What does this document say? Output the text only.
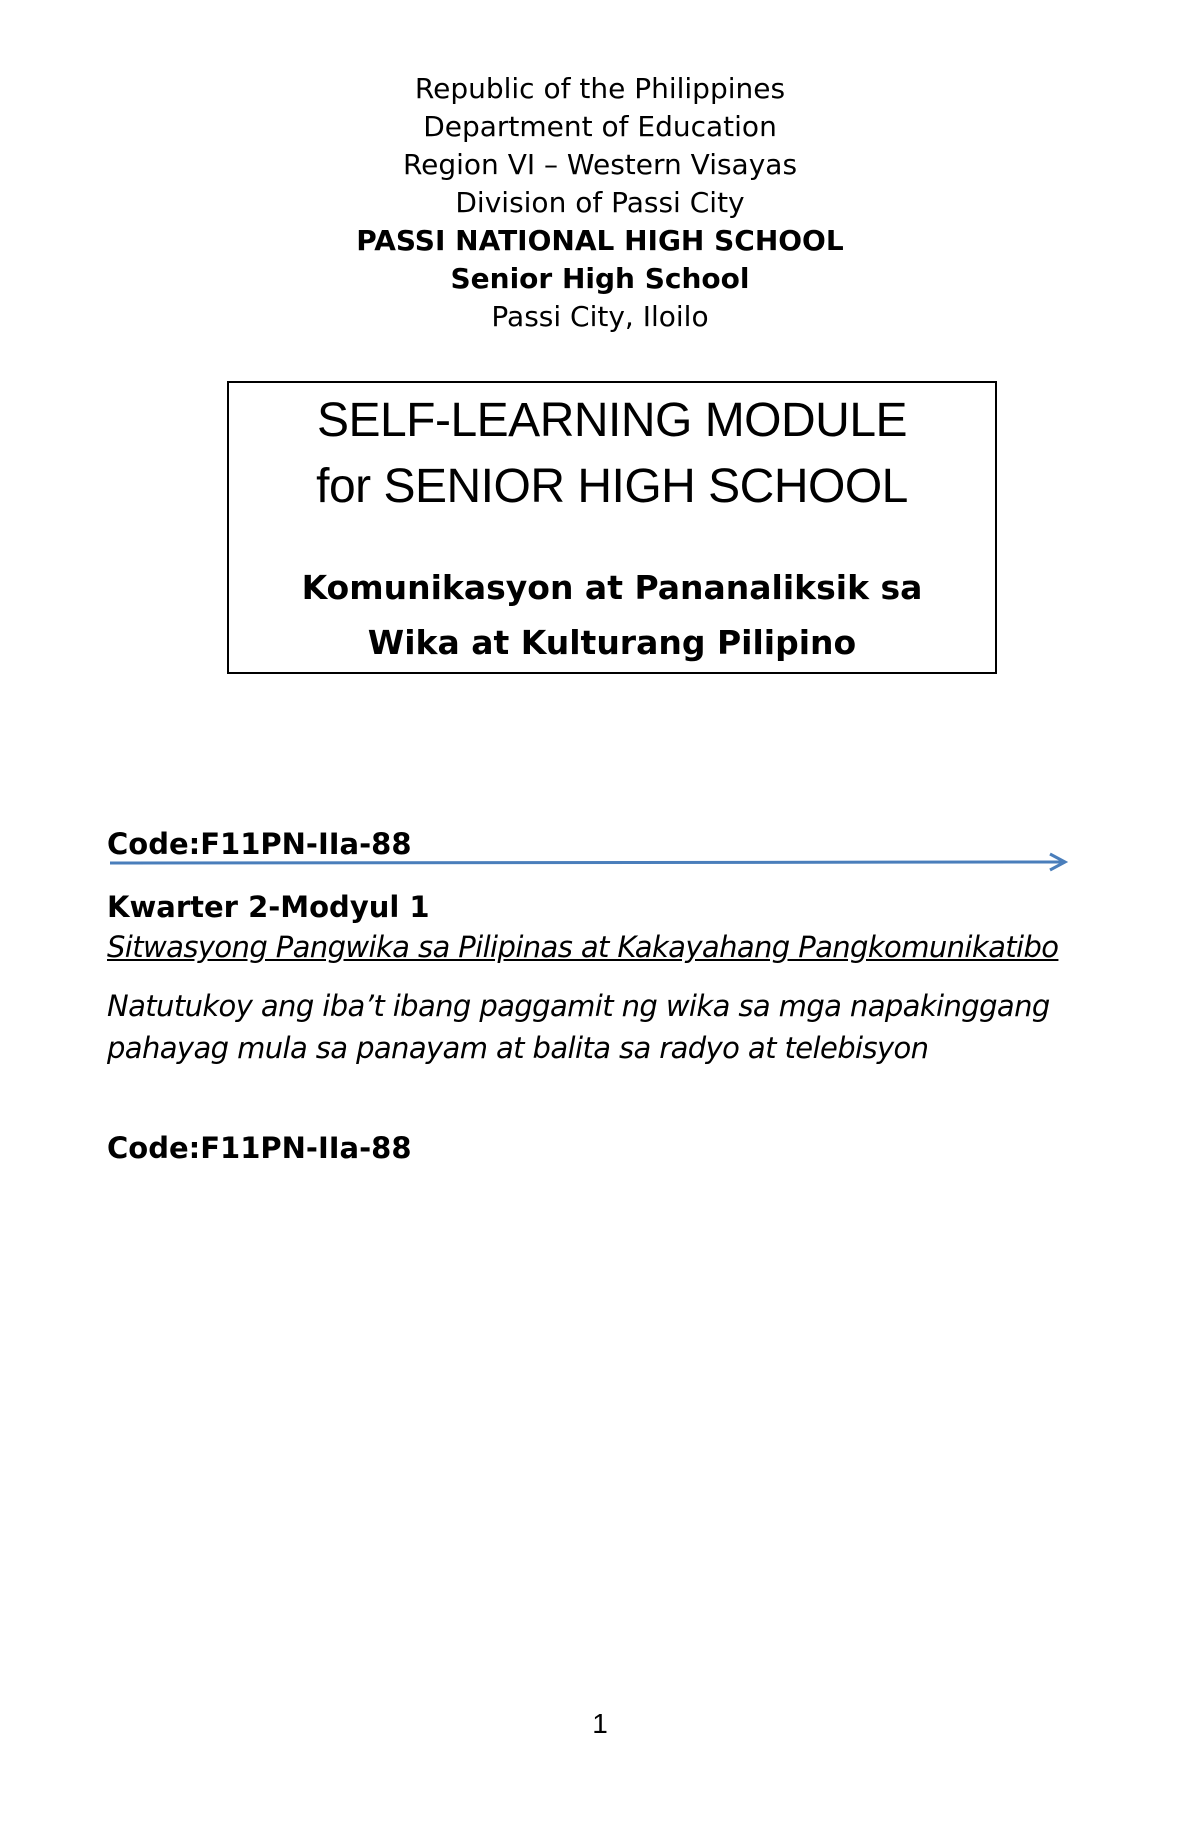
Republic of the Philippines
Department of Education
Region VI – Western Visayas
Division of Passi City
PASSI NATIONAL HIGH SCHOOL
Senior High School
Passi City, Iloilo
SELF-LEARNING MODULE
for SENIOR HIGH SCHOOL
Komunikasyon at Pananaliksik sa
Wika at Kulturang Pilipino
Code:F11PN-IIa-88
Kwarter 2-Modyul 1
Sitwasyong Pangwika sa Pilipinas at Kakayahang Pangkomunikatibo
Natutukoy ang iba’t ibang paggamit ng wika sa mga napakinggang
pahayag mula sa panayam at balita sa radyo at telebisyon
Code:F11PN-IIa-88
1
